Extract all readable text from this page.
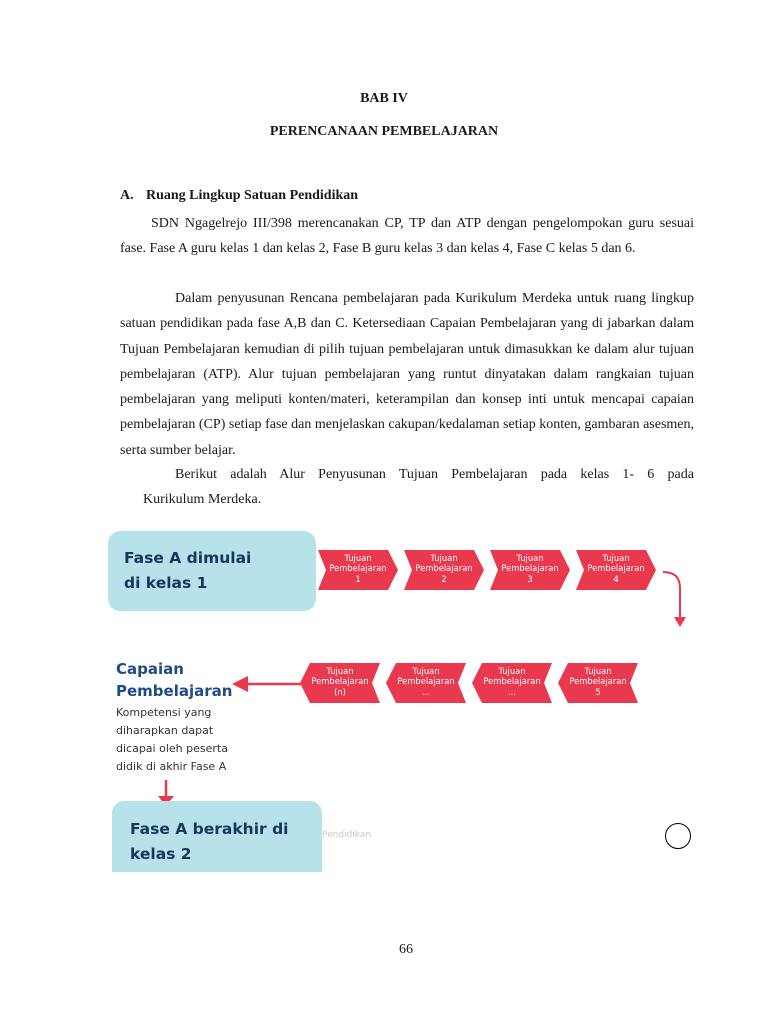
BAB IV
PERENCANAAN PEMBELAJARAN
A. Ruang Lingkup Satuan Pendidikan
SDN Ngagelrejo III/398 merencanakan CP, TP dan ATP dengan pengelompokan guru sesuai fase. Fase A guru kelas 1 dan kelas 2, Fase B guru kelas 3 dan kelas 4, Fase C kelas 5 dan 6.
Dalam penyusunan Rencana pembelajaran pada Kurikulum Merdeka untuk ruang lingkup satuan pendidikan pada fase A,B dan C. Ketersediaan Capaian Pembelajaran yang di jabarkan dalam Tujuan Pembelajaran kemudian di pilih tujuan pembelajaran untuk dimasukkan ke dalam alur tujuan pembelajaran (ATP). Alur tujuan pembelajaran yang runtut dinyatakan dalam rangkaian tujuan pembelajaran yang meliputi konten/materi, keterampilan dan konsep inti untuk mencapai capaian pembelajaran (CP) setiap fase dan menjelaskan cakupan/kedalaman setiap konten, gambaran asesmen, serta sumber belajar.
Berikut adalah Alur Penyusunan Tujuan Pembelajaran pada kelas 1- 6 pada
Kurikulum Merdeka.
Fase A dimulai
di kelas 1
Tujuan
Pembelajaran
1
Tujuan
Pembelajaran
2
Tujuan
Pembelajaran
3
Tujuan
Pembelajaran
4
Tujuan
Pembelajaran
(n)
Tujuan
Pembelajaran
...
Tujuan
Pembelajaran
...
Tujuan
Pembelajaran
5
Capaian
Pembelajaran
Kompetensi yang
diharapkan dapat
dicapai oleh peserta
didik di akhir Fase A
Fase A berakhir di
kelas 2
Pendidikan
66
